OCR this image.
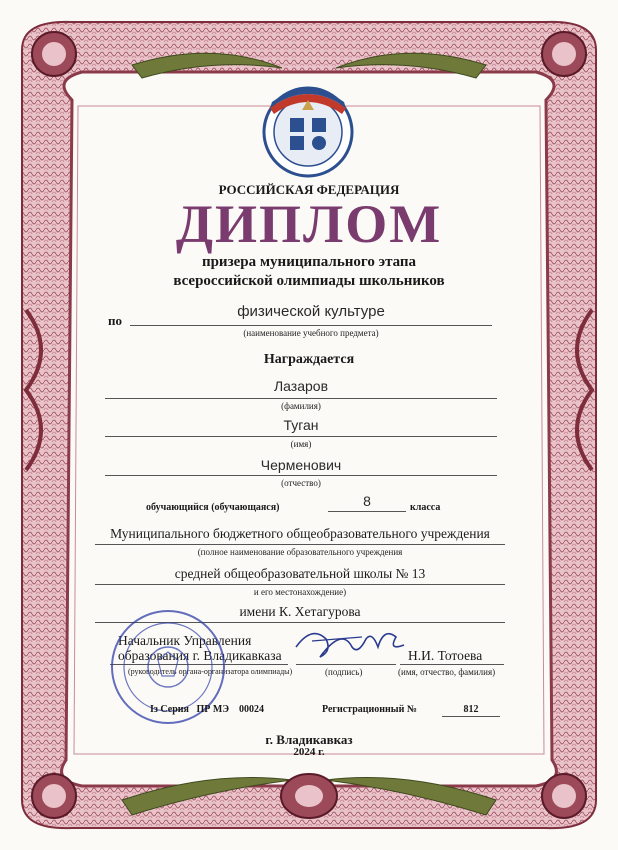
РОССИЙСКАЯ ФЕДЕРАЦИЯ
ДИПЛОМ
призера муниципального этапа
всероссийской олимпиады школьников
по
физической культуре
(наименование учебного предмета)
Награждается
Лазаров
(фамилия)
Туган
(имя)
Черменович
(отчество)
обучающийся (обучающаяся)	8	класса
Муниципального бюджетного общеобразовательного учреждения
(полное наименование образовательного учреждения
средней общеобразовательной школы № 13
и его местонахождение)
имени К. Хетагурова
Начальник Управления
образования г. Владикавказа
(руководитель органа-организатора олимпиады)	(подпись)
Н.И. Тотоева
(имя, отчество, фамилия)
Із Серия ПР МЭ 00024	Регистрационный №	812
г. Владикавказ
2024 г.
